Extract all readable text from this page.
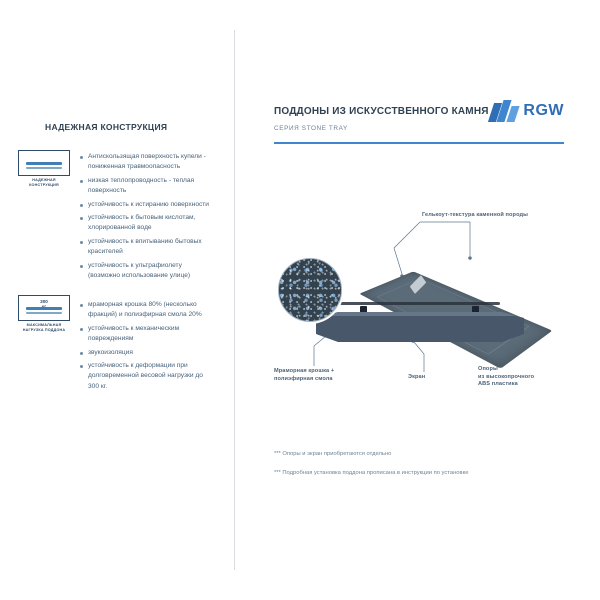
НАДЕЖНАЯ КОНСТРУКЦИЯ
НАДЕЖНАЯ
КОНСТРУКЦИЯ
300

МАКСИМАЛЬНАЯ
НАГРУЗКА ПОДДОНА
Антискользящая поверхность купели - пониженная травмоопасность
низкая теплопроводность - теплая поверхность
устойчивость к истиранию поверхности
устойчивость к бытовым кислотам, хлорированной воде
устойчивость к впитыванию бытовых красителей
устойчивость к ультрафиолету (возможно использование улице)
мраморная крошка 80% (несколько фракций) и полиэфирная смола 20%
устойчивость к механическим повреждениям
звукоизоляция
устойчивость к деформации при долговременной весовой нагрузки до 300 кг.
ПОДДОНЫ ИЗ ИСКУССТВЕННОГО КАМНЯ
СЕРИЯ STONE TRAY
RGW
+
Гелькоут-текстура каменной породы
Мраморная крошка +
полиэфирная смола	Экран
Опоры
из высокопрочного
ABS пластика
*** Опоры и экран приобретаются отдельно
*** Подробная установка поддона прописана в инструкции по установке
